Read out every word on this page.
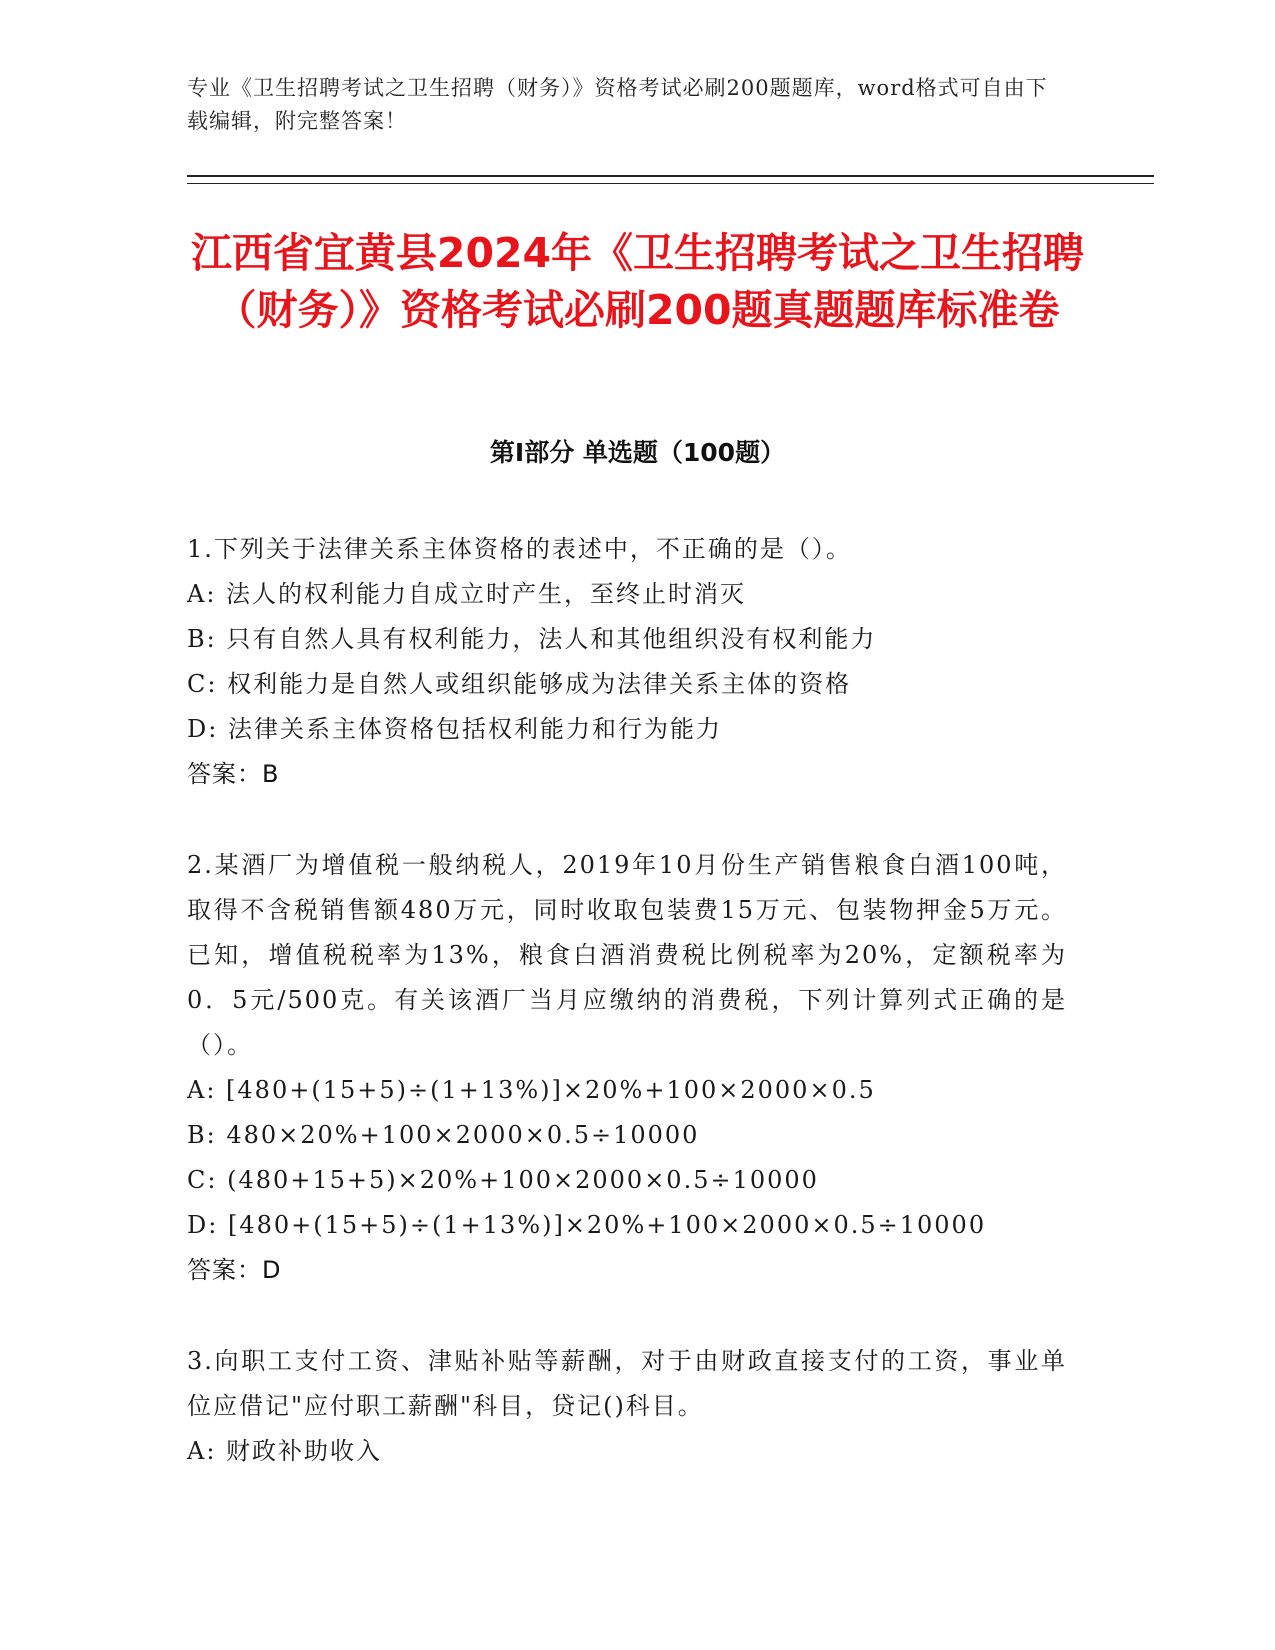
专业《卫生招聘考试之卫生招聘（财务）》资格考试必刷200题题库，word格式可自由下载编辑，附完整答案！
江西省宜黄县2024年《卫生招聘考试之卫生招聘（财务）》资格考试必刷200题真题题库标准卷
第I部分 单选题（100题）
1.下列关于法律关系主体资格的表述中，不正确的是（）。
A: 法人的权利能力自成立时产生，至终止时消灭
B: 只有自然人具有权利能力，法人和其他组织没有权利能力
C: 权利能力是自然人或组织能够成为法律关系主体的资格
D: 法律关系主体资格包括权利能力和行为能力
答案：B
2.某酒厂为增值税一般纳税人，2019年10月份生产销售粮食白酒100吨，取得不含税销售额480万元，同时收取包装费15万元、包装物押金5万元。已知，增值税税率为13%，粮食白酒消费税比例税率为20%，定额税率为0．5元/500克。有关该酒厂当月应缴纳的消费税，下列计算列式正确的是（）。
A: [480+(15+5)÷(1+13%)]×20%+100×2000×0.5
B: 480×20%+100×2000×0.5÷10000
C: (480+15+5)×20%+100×2000×0.5÷10000
D: [480+(15+5)÷(1+13%)]×20%+100×2000×0.5÷10000
答案：D
3.向职工支付工资、津贴补贴等薪酬，对于由财政直接支付的工资，事业单位应借记"应付职工薪酬"科目，贷记()科目。
A: 财政补助收入
